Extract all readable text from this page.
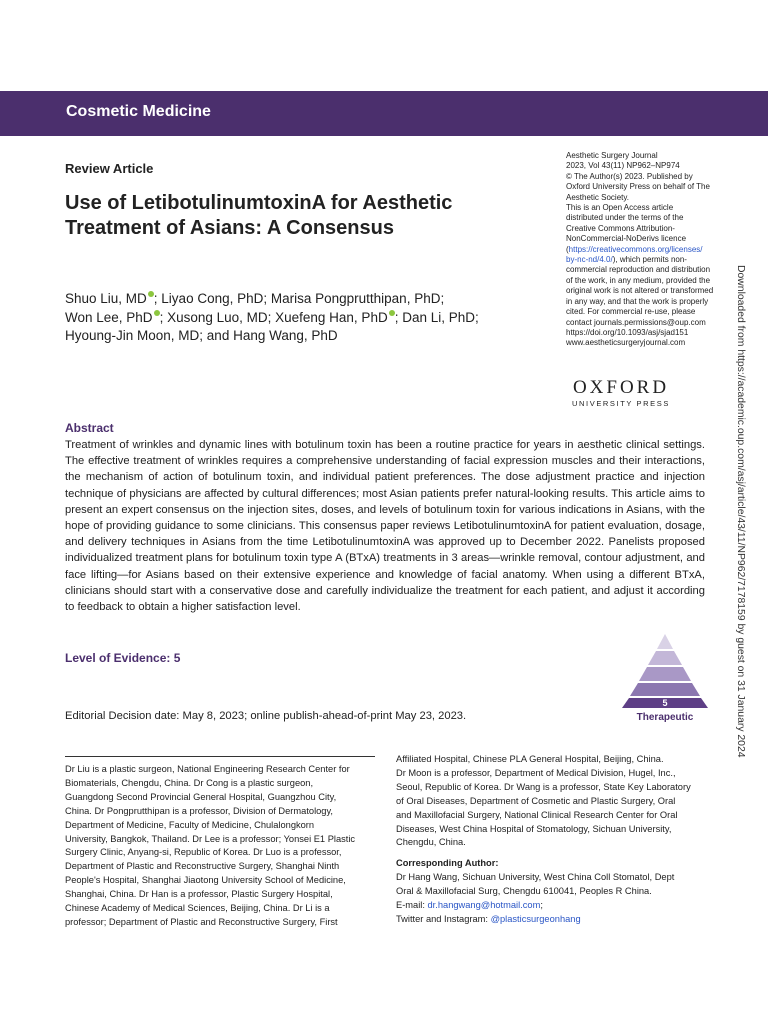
Cosmetic Medicine
Review Article
Use of LetibotulinumtoxinA for Aesthetic
Treatment of Asians: A Consensus
Shuo Liu, MD ; Liyao Cong, PhD; Marisa Pongprutthipan, PhD;
Won Lee, PhD ; Xusong Luo, MD; Xuefeng Han, PhD ; Dan Li, PhD;
Hyoung-Jin Moon, MD; and Hang Wang, PhD
Aesthetic Surgery Journal
2023, Vol 43(11) NP962–NP974
© The Author(s) 2023. Published by
Oxford University Press on behalf of The
Aesthetic Society.
This is an Open Access article
distributed under the terms of the
Creative Commons Attribution-
NonCommercial-NoDerivs licence
(https://creativecommons.org/licenses/
by-nc-nd/4.0/), which permits non-
commercial reproduction and distribution
of the work, in any medium, provided the
original work is not altered or transformed
in any way, and that the work is properly
cited. For commercial re-use, please
contact journals.permissions@oup.com
https://doi.org/10.1093/asj/sjad151
www.aestheticsurgeryjournal.com
OXFORD
UNIVERSITY PRESS
Abstract

Treatment of wrinkles and dynamic lines with botulinum toxin has been a routine practice for years in aesthetic clinical settings. The effective treatment of wrinkles requires a comprehensive understanding of facial expression muscles and their interactions, the mechanism of action of botulinum toxin, and individual patient preferences. The dose adjustment practice and injection technique of physicians are affected by cultural differences; most Asian patients prefer natural-looking results. This article aims to present an expert consensus on the injection sites, doses, and levels of botulinum toxin for various indications in Asians, with the hope of providing guidance to some clinicians. This consensus paper reviews LetibotulinumtoxinA for patient evaluation, dosage, and delivery techniques in Asians from the time LetibotulinumtoxinA was approved up to December 2022. Panelists proposed individualized treatment plans for botulinum toxin type A (BTxA) treatments in 3 areas—wrinkle removal, contour adjustment, and face lifting—for Asians based on their extensive experience and knowledge of facial anatomy. When using a different BTxA, clinicians should start with a conservative dose and carefully individualize the treatment for each patient, and adjust it according to feedback to obtain a higher satisfaction level.

Level of Evidence: 5
5
Therapeutic
Editorial Decision date: May 8, 2023; online publish-ahead-of-print May 23, 2023.
Dr Liu is a plastic surgeon, National Engineering Research Center for
Biomaterials, Chengdu, China. Dr Cong is a plastic surgeon,
Guangdong Second Provincial General Hospital, Guangzhou City,
China. Dr Pongprutthipan is a professor, Division of Dermatology,
Department of Medicine, Faculty of Medicine, Chulalongkorn
University, Bangkok, Thailand. Dr Lee is a professor; Yonsei E1 Plastic
Surgery Clinic, Anyang-si, Republic of Korea. Dr Luo is a professor,
Department of Plastic and Reconstructive Surgery, Shanghai Ninth
People's Hospital, Shanghai Jiaotong University School of Medicine,
Shanghai, China. Dr Han is a professor, Plastic Surgery Hospital,
Chinese Academy of Medical Sciences, Beijing, China. Dr Li is a
professor; Department of Plastic and Reconstructive Surgery, First
Affiliated Hospital, Chinese PLA General Hospital, Beijing, China.
Dr Moon is a professor, Department of Medical Division, Hugel, Inc.,
Seoul, Republic of Korea. Dr Wang is a professor, State Key Laboratory
of Oral Diseases, Department of Cosmetic and Plastic Surgery, Oral
and Maxillofacial Surgery, National Clinical Research Center for Oral
Diseases, West China Hospital of Stomatology, Sichuan University,
Chengdu, China.
Corresponding Author:
Dr Hang Wang, Sichuan University, West China Coll Stomatol, Dept
Oral & Maxillofacial Surg, Chengdu 610041, Peoples R China.
E-mail: dr.hangwang@hotmail.com;
Twitter and Instagram: @plasticsurgeonhang
Downloaded from https://academic.oup.com/asj/article/43/11/NP962/7178159 by guest on 31 January 2024
